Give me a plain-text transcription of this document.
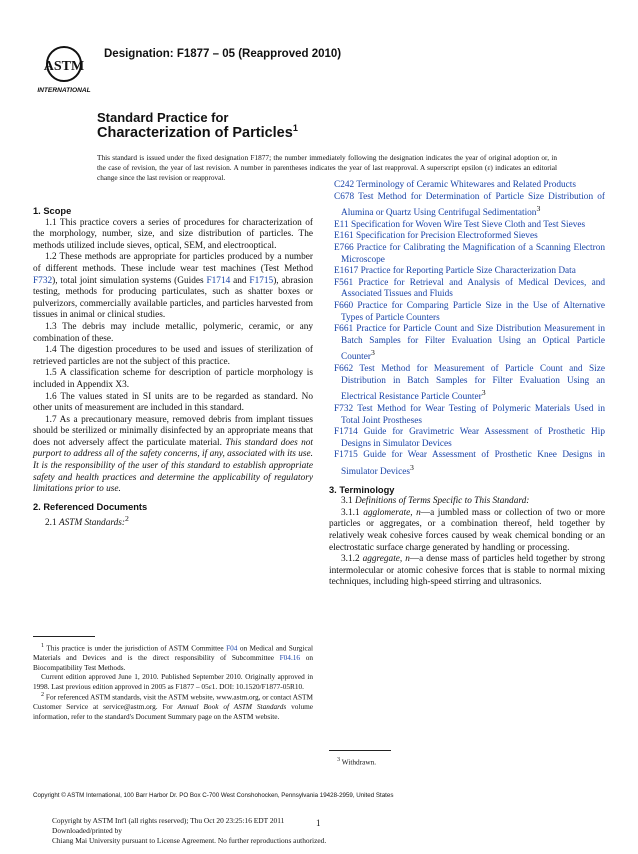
ASTM
INTERNATIONAL
Designation: F1877 – 05 (Reapproved 2010)
Standard Practice for
Characterization of Particles$^1$
This standard is issued under the fixed designation F1877; the number immediately following the designation indicates the year of original adoption or, in the case of revision, the year of last revision. A number in parentheses indicates the year of last reapproval. A superscript epsilon (ε) indicates an editorial change since the last revision or reapproval.

1. Scope

1.1 This practice covers a series of procedures for characterization of the morphology, number, size, and size distribution of particles. The methods utilized include sieves, optical, SEM, and electrooptical.

1.2 These methods are appropriate for particles produced by a number of different methods. These include wear test machines (Test Method F732), total joint simulation systems (Guides F1714 and F1715), abrasion testing, methods for producing particulates, such as shatter boxes or pulverizors, commercially available particles, and particles harvested from tissues in animal or clinical studies.

1.3 The debris may include metallic, polymeric, ceramic, or any combination of these.

1.4 The digestion procedures to be used and issues of sterilization of retrieved particles are not the subject of this practice.

1.5 A classification scheme for description of particle morphology is included in Appendix X3.

1.6 The values stated in SI units are to be regarded as standard. No other units of measurement are included in this standard.

1.7 As a precautionary measure, removed debris from implant tissues should be sterilized or minimally disinfected by an appropriate means that does not adversely affect the particulate material. This standard does not purport to address all of the safety concerns, if any, associated with its use. It is the responsibility of the user of this standard to establish appropriate safety and health practices and determine the applicability of regulatory limitations prior to use.

2. Referenced Documents

2.1 ASTM Standards:$^2$

$^1$ This practice is under the jurisdiction of ASTM Committee F04 on Medical and Surgical Materials and Devices and is the direct responsibility of Subcommittee F04.16 on Biocompatibility Test Methods.

Current edition approved June 1, 2010. Published September 2010. Originally approved in 1998. Last previous edition approved in 2005 as F1877 – 05ε1. DOI: 10.1520/F1877-05R10.

$^2$ For referenced ASTM standards, visit the ASTM website, www.astm.org, or contact ASTM Customer Service at service@astm.org. For Annual Book of ASTM Standards volume information, refer to the standard's Document Summary page on the ASTM website.

C242 Terminology of Ceramic Whitewares and Related Products

C678 Test Method for Determination of Particle Size Distribution of Alumina or Quartz Using Centrifugal Sedimentation$^3$

E11 Specification for Woven Wire Test Sieve Cloth and Test Sieves

E161 Specification for Precision Electroformed Sieves

E766 Practice for Calibrating the Magnification of a Scanning Electron Microscope

E1617 Practice for Reporting Particle Size Characterization Data

F561 Practice for Retrieval and Analysis of Medical Devices, and Associated Tissues and Fluids

F660 Practice for Comparing Particle Size in the Use of Alternative Types of Particle Counters

F661 Practice for Particle Count and Size Distribution Measurement in Batch Samples for Filter Evaluation Using an Optical Particle Counter$^3$

F662 Test Method for Measurement of Particle Count and Size Distribution in Batch Samples for Filter Evaluation Using an Electrical Resistance Particle Counter$^3$

F732 Test Method for Wear Testing of Polymeric Materials Used in Total Joint Prostheses

F1714 Guide for Gravimetric Wear Assessment of Prosthetic Hip Designs in Simulator Devices

F1715 Guide for Wear Assessment of Prosthetic Knee Designs in Simulator Devices$^3$

3. Terminology

3.1 Definitions of Terms Specific to This Standard:

3.1.1 agglomerate, n—a jumbled mass or collection of two or more particles or aggregates, or a combination thereof, held together by relatively weak cohesive forces caused by weak chemical bonding or an electrostatic surface charge generated by handling or processing.

3.1.2 aggregate, n—a dense mass of particles held together by strong intermolecular or atomic cohesive forces that is stable to normal mixing techniques, including high-speed stirring and ultrasonics.

$^3$ Withdrawn.

Copyright © ASTM International, 100 Barr Harbor Dr. PO Box C-700 West Conshohocken, Pennsylvania 19428-2959, United States
Copyright by ASTM Int'l (all rights reserved); Thu Oct 20 23:25:16 EDT 2011
Downloaded/printed by
Chiang Mai University pursuant to License Agreement. No further reproductions authorized.
1
